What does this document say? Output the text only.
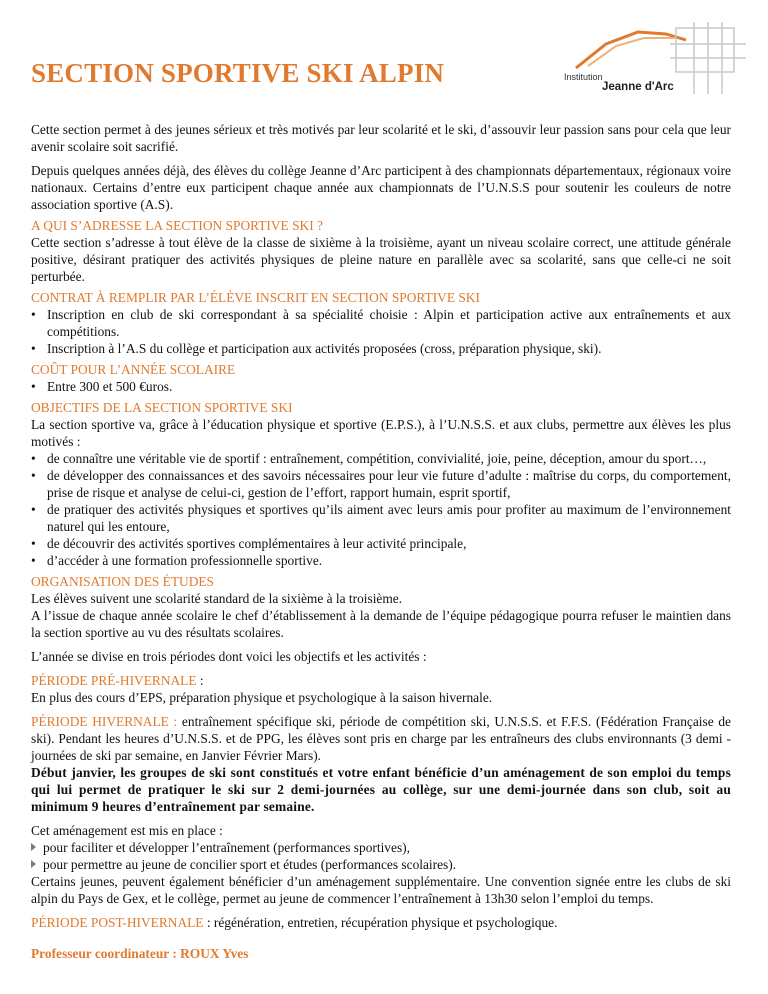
SECTION SPORTIVE SKI ALPIN	Institution
Jeanne d'Arc

Cette section permet à des jeunes sérieux et très motivés par leur scolarité et le ski, d’assouvir leur passion sans pour cela que leur avenir scolaire soit sacrifié.

Depuis quelques années déjà, des élèves du collège Jeanne d’Arc participent à des championnats départementaux, régionaux voire nationaux. Certains d’entre eux participent chaque année aux championnats de l’U.N.S.S pour soutenir les couleurs de notre association sportive (A.S).

A QUI S’ADRESSE LA SECTION SPORTIVE SKI ?

Cette section s’adresse à tout élève de la classe de sixième à la troisième, ayant un niveau scolaire correct, une attitude générale positive, désirant pratiquer des activités physiques de pleine nature en parallèle avec sa scolarité, sans que celle-ci ne soit perturbée.

CONTRAT À REMPLIR PAR L’ÉLÈVE INSCRIT EN SECTION SPORTIVE SKI
• Inscription en club de ski correspondant à sa spécialité choisie : Alpin et participation active aux entraînements et aux compétitions.
• Inscription à l’A.S du collège et participation aux activités proposées (cross, préparation physique, ski).
COÛT POUR L’ANNÉE SCOLAIRE
• Entre 300 et 500 €uros.
OBJECTIFS DE LA SECTION SPORTIVE SKI

La section sportive va, grâce à l’éducation physique et sportive (E.P.S.), à l’U.N.S.S. et aux clubs, permettre aux élèves les plus motivés :

• de connaître une véritable vie de sportif : entraînement, compétition, convivialité, joie, peine, déception, amour du sport…,
• de développer des connaissances et des savoirs nécessaires pour leur vie future d’adulte : maîtrise du corps, du comportement, prise de risque et analyse de celui-ci, gestion de l’effort, rapport humain, esprit sportif,
• de pratiquer des activités physiques et sportives qu’ils aiment avec leurs amis pour profiter au maximum de l’environnement naturel qui les entoure,
• de découvrir des activités sportives complémentaires à leur activité principale,
• d’accéder à une formation professionnelle sportive.
ORGANISATION DES ÉTUDES

Les élèves suivent une scolarité standard de la sixième à la troisième.

A l’issue de chaque année scolaire le chef d’établissement à la demande de l’équipe pédagogique pourra refuser le maintien dans la section sportive au vu des résultats scolaires.

L’année se divise en trois périodes dont voici les objectifs et les activités :

PÉRIODE PRÉ-HIVERNALE :

En plus des cours d’EPS, préparation physique et psychologique à la saison hivernale.

PÉRIODE HIVERNALE : entraînement spécifique ski, période de compétition ski, U.N.S.S. et F.F.S. (Fédération Française de ski). Pendant les heures d’U.N.S.S. et de PPG, les élèves sont pris en charge par les entraîneurs des clubs environnants (3 demi - journées de ski par semaine, en Janvier Février Mars).

Début janvier, les groupes de ski sont constitués et votre enfant bénéficie d’un aménagement de son emploi du temps qui lui permet de pratiquer le ski sur 2 demi-journées au collège, sur une demi-journée dans son club, soit au minimum 9 heures d’entraînement par semaine.

Cet aménagement est mis en place :

pour faciliter et développer l’entraînement (performances sportives),
pour permettre au jeune de concilier sport et études (performances scolaires).

Certains jeunes, peuvent également bénéficier d’un aménagement supplémentaire. Une convention signée entre les clubs de ski alpin du Pays de Gex, et le collège, permet au jeune de commencer l’entraînement à 13h30 selon l’emploi du temps.

PÉRIODE POST-HIVERNALE : régénération, entretien, récupération physique et psychologique.

Professeur coordinateur : ROUX Yves
